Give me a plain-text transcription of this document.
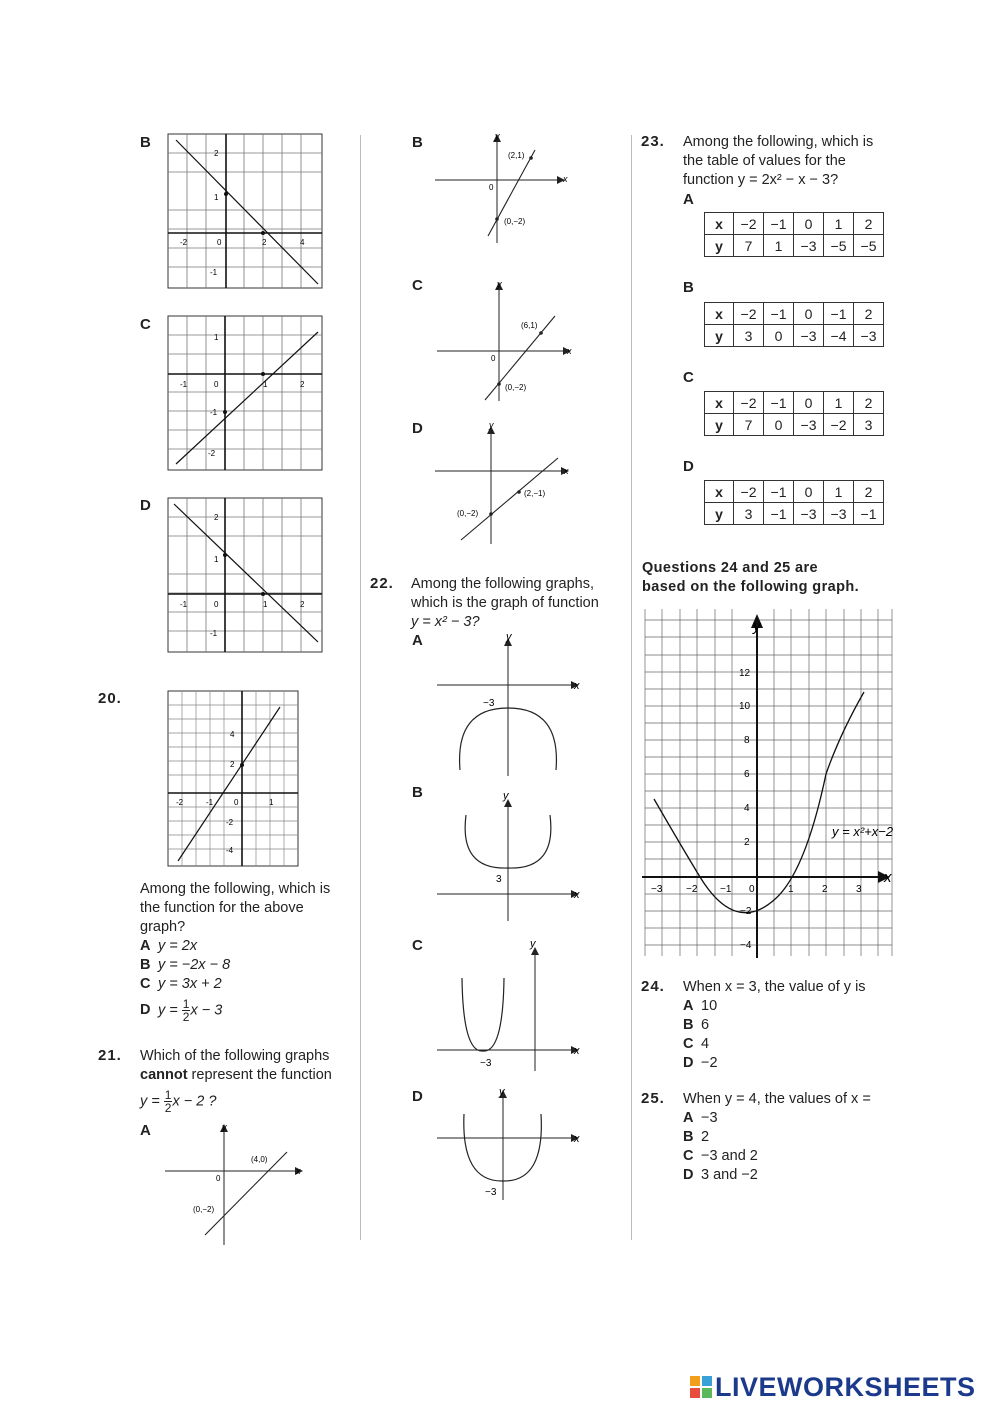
B
-2	0	2	4
2
1
-1
C
-1	0	1	2
1
-1
-2
D
-1	0	1	2
2
1
-1
20.
-2	-1	0	1
4
2
-2
-4
Among the following, which is
the function for the above
graph?
A y = 2x
B y = −2x − 8
C y = 3x + 2
D $y = \frac{1}{2}$ x − 3
21. Which of the following graphs
cannot represent the function
$y = \frac{1}{2}$ x − 2 ?
A	y
x
(4,0)
(0,−2)
0
B	y
x
(2,1)
(0,−2)
0
C	y
x
(6,1)
(0,−2)
0
D	y
x
(2,−1)
(0,−2)
22. Among the following graphs,
which is the graph of function
y = x² − 3?
A	y
x
−3
B	y
x
3
C	y
x
−3
D	y
x
−3
23. Among the following, which is
the table of values for the
function y = 2x² − x − 3?
A
x	−2	−1	0	1	2
y	7	1	−3	−5	−5
B
x	−2	−1	0	−1	2
y	3	0	−3	−4	−3
C
x	−2	−1	0	1	2
y	7	0	−3	−2	3
D
x	−2	−1	0	1	2
y	3	−1	−3	−3	−1
Questions 24 and 25 are
based on the following graph.
y
x
y = x²+x−2
−3 −2 −1 0	1	2	3
12
10
8
6
4
2
−2
−4
24. When x = 3, the value of y is
A 10
B 6
C 4
D −2
25. When y = 4, the values of x =
A −3
B 2
C −3 and 2
D 3 and −2
LIVEWORKSHEETS
